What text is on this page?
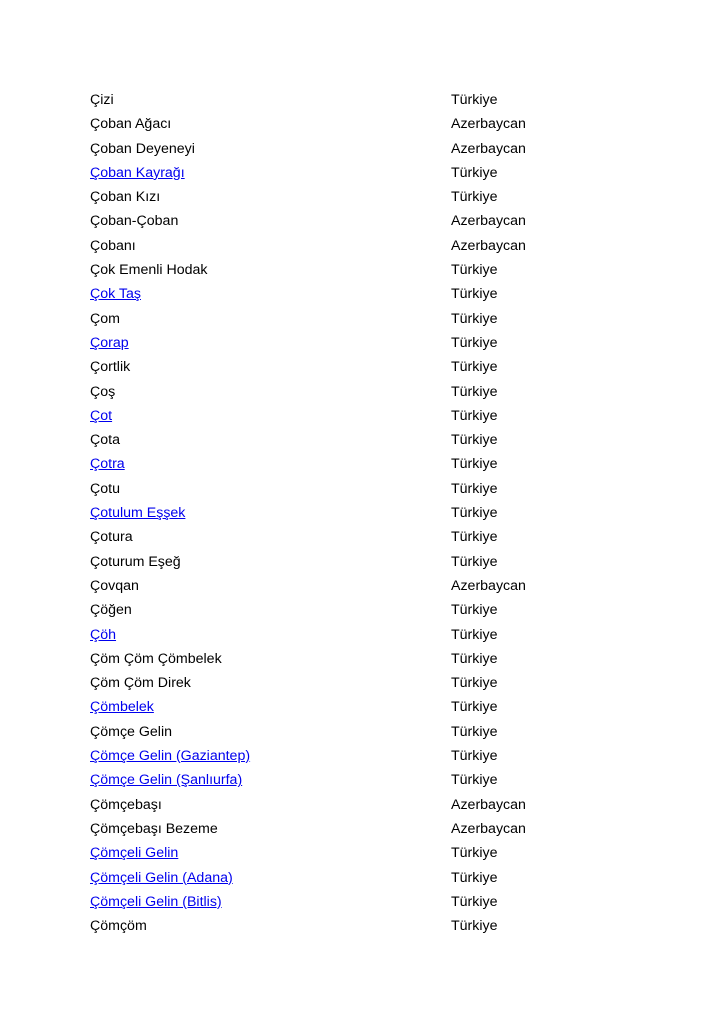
Çizi	Türkiye
Çoban Ağacı	Azerbaycan
Çoban Deyeneyi	Azerbaycan
Çoban Kayrağı	Türkiye
Çoban Kızı	Türkiye
Çoban-Çoban	Azerbaycan
Çobanı	Azerbaycan
Çok Emenli Hodak	Türkiye
Çok Taş	Türkiye
Çom	Türkiye
Çorap	Türkiye
Çortlik	Türkiye
Çoş	Türkiye
Çot	Türkiye
Çota	Türkiye
Çotra	Türkiye
Çotu	Türkiye
Çotulum Eşşek	Türkiye
Çotura	Türkiye
Çoturum Eşeğ	Türkiye
Çovqan	Azerbaycan
Çöğen	Türkiye
Çöh	Türkiye
Çöm Çöm Çömbelek	Türkiye
Çöm Çöm Direk	Türkiye
Çömbelek	Türkiye
Çömçe Gelin	Türkiye
Çömçe Gelin (Gaziantep)	Türkiye
Çömçe Gelin (Şanlıurfa)	Türkiye
Çömçebaşı	Azerbaycan
Çömçebaşı Bezeme	Azerbaycan
Çömçeli Gelin	Türkiye
Çömçeli Gelin (Adana)	Türkiye
Çömçeli Gelin (Bitlis)	Türkiye
Çömçöm	Türkiye
